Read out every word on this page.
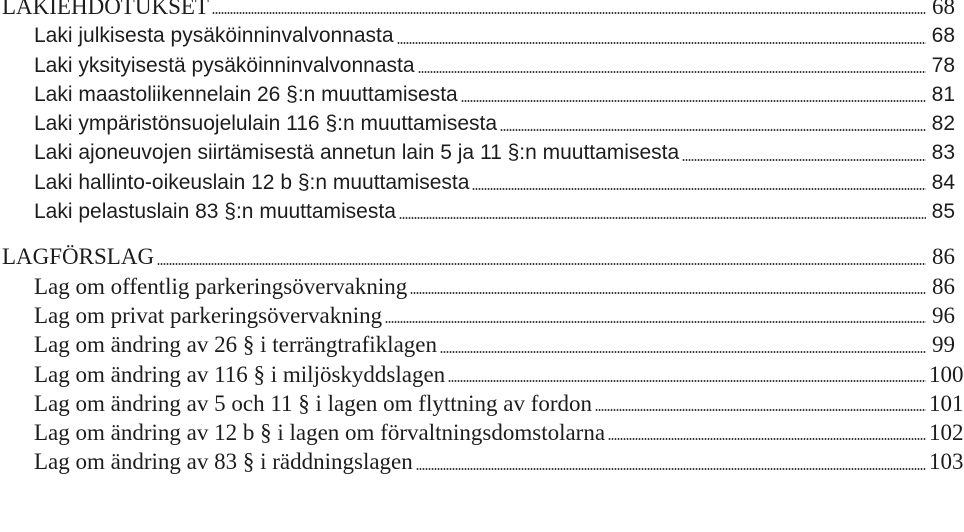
LAKIEHDOTUKSET	68
Laki julkisesta pysäköinninvalvonnasta	68
Laki yksityisestä pysäköinninvalvonnasta	78
Laki maastoliikennelain 26 §:n muuttamisesta	81
Laki ympäristönsuojelulain 116 §:n muuttamisesta	82
Laki ajoneuvojen siirtämisestä annetun lain 5 ja 11 §:n muuttamisesta	83
Laki hallinto-oikeuslain 12 b §:n muuttamisesta	84
Laki pelastuslain 83 §:n muuttamisesta	85
LAGFÖRSLAG	86
Lag om offentlig parkeringsövervakning	86
Lag om privat parkeringsövervakning	96
Lag om ändring av 26 § i terrängtrafiklagen	99
Lag om ändring av 116 § i miljöskyddslagen	100
Lag om ändring av 5 och 11 § i lagen om flyttning av fordon	101
Lag om ändring av 12 b § i lagen om förvaltningsdomstolarna	102
Lag om ändring av 83 § i räddningslagen	103
